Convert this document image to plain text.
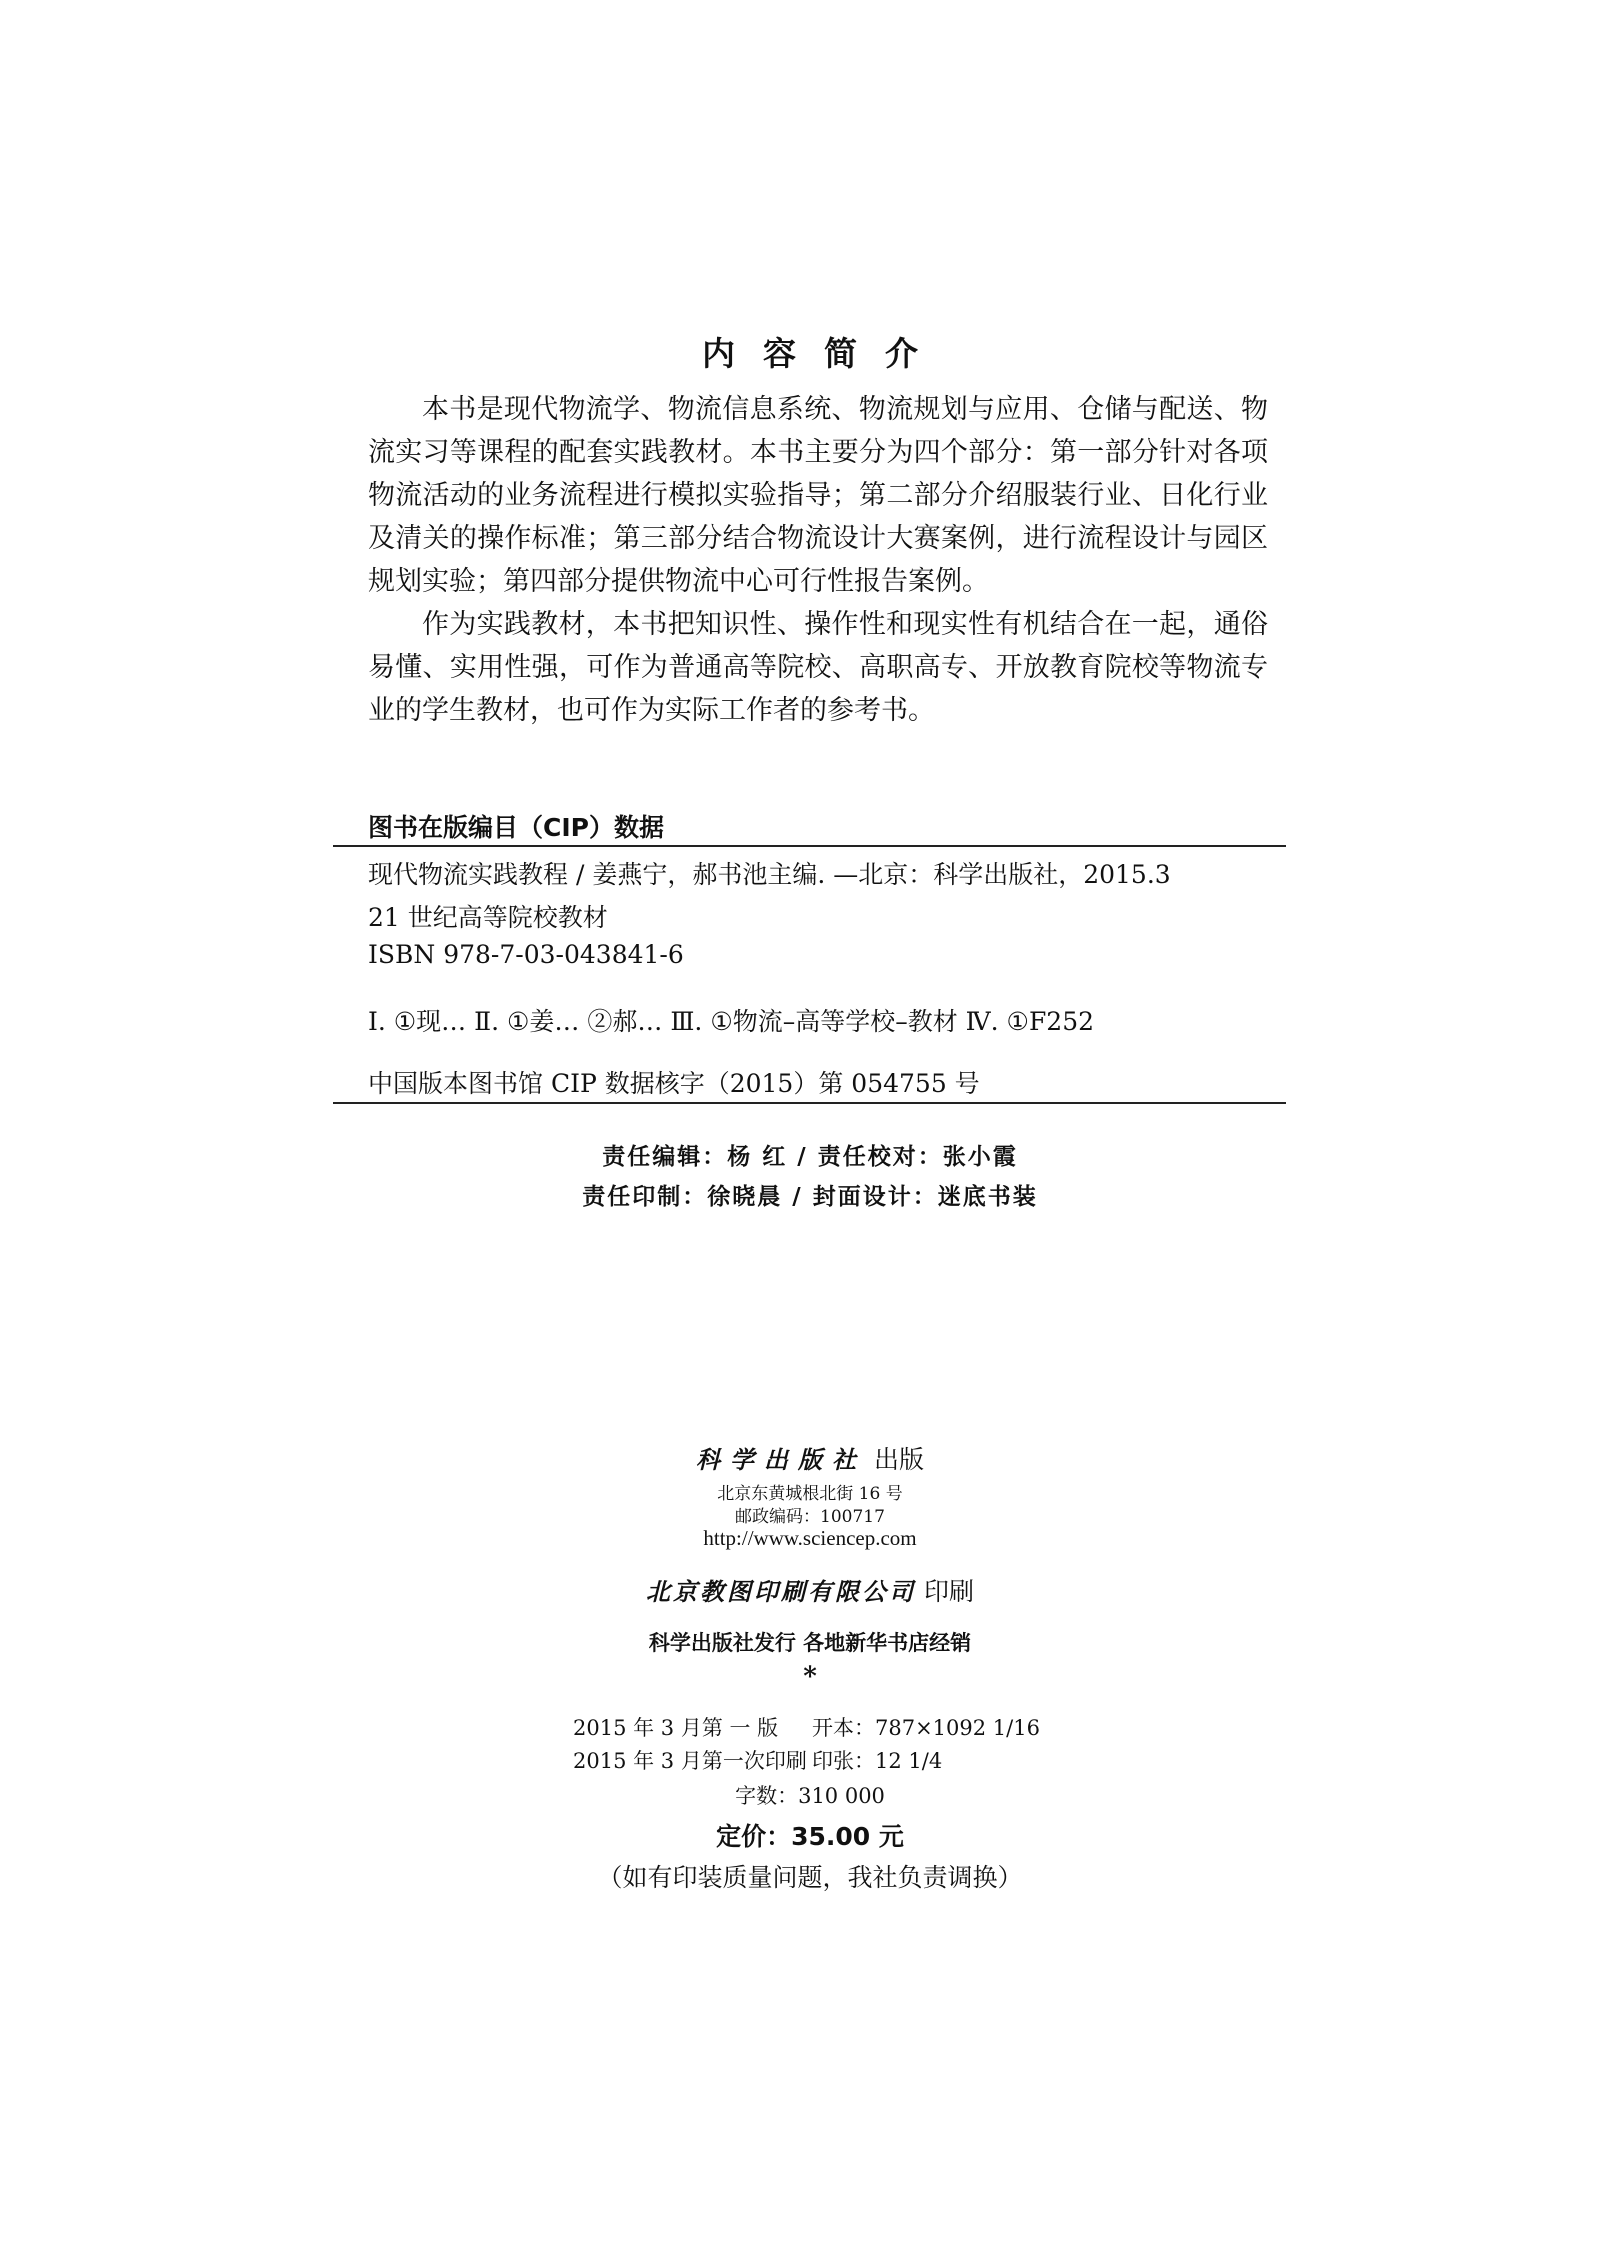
内容简介

本书是现代物流学、物流信息系统、物流规划与应用、仓储与配送、物流实习等课程的配套实践教材。本书主要分为四个部分：第一部分针对各项物流活动的业务流程进行模拟实验指导；第二部分介绍服装行业、日化行业及清关的操作标准；第三部分结合物流设计大赛案例，进行流程设计与园区规划实验；第四部分提供物流中心可行性报告案例。

作为实践教材，本书把知识性、操作性和现实性有机结合在一起，通俗易懂、实用性强，可作为普通高等院校、高职高专、开放教育院校等物流专业的学生教材，也可作为实际工作者的参考书。

图书在版编目（CIP）数据
现代物流实践教程 / 姜燕宁，郝书池主编. —北京：科学出版社，2015.3
21 世纪高等院校教材
ISBN 978-7-03-043841-6
Ⅰ. ①现… Ⅱ. ①姜… ②郝… Ⅲ. ①物流–高等学校–教材 Ⅳ. ①F252
中国版本图书馆 CIP 数据核字（2015）第 054755 号
责任编辑：杨 红 / 责任校对：张小霞
责任印制：徐晓晨 / 封面设计：迷底书装
科学出版社 出版
北京东黄城根北街 16 号
邮政编码：100717
http://www.sciencep.com
北京教图印刷有限公司 印刷
科学出版社发行 各地新华书店经销
*
2015 年 3 月第 一 版 开本：787×1092 1/16
2015 年 3 月第一次印刷 印张：12 1/4
字数：310 000
定价：35.00 元
（如有印装质量问题，我社负责调换）
